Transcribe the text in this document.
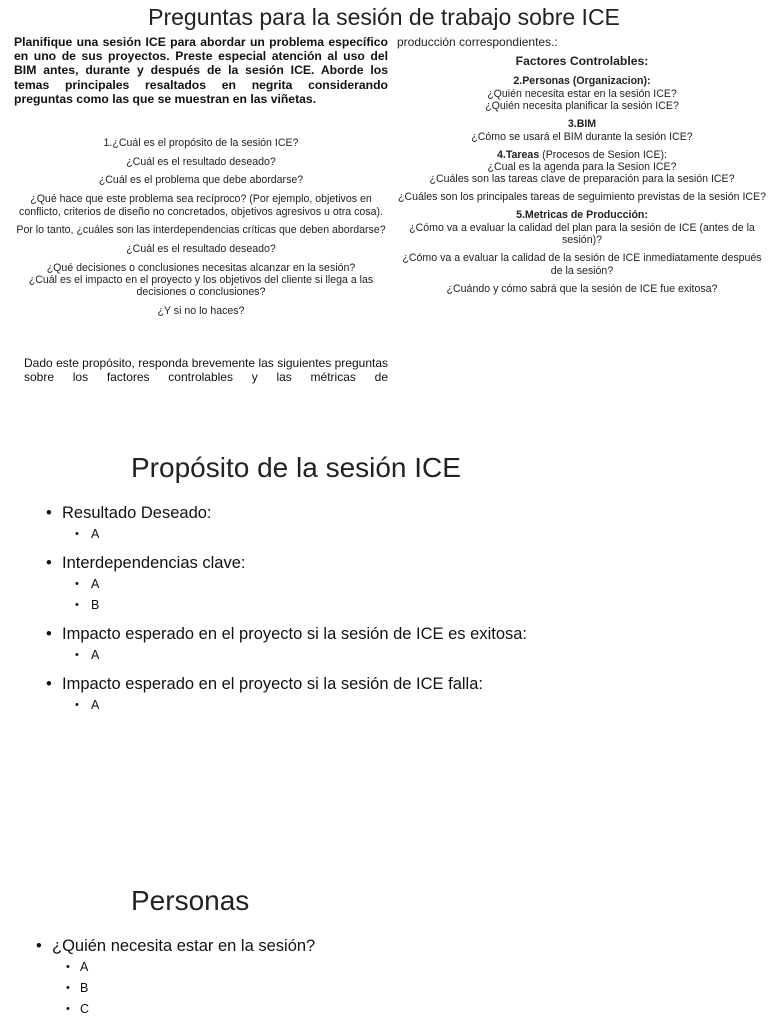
Preguntas para la sesión de trabajo sobre ICE
Planifique una sesión ICE para abordar un problema específico en uno de sus proyectos. Preste especial atención al uso del BIM antes, durante y después de la sesión ICE. Aborde los temas principales resaltados en negrita considerando preguntas como las que se muestran en las viñetas.

1.¿Cuál es el propósito de la sesión ICE?

¿Cuál es el resultado deseado?

¿Cuál es el problema que debe abordarse?

¿Qué hace que este problema sea recíproco? (Por ejemplo, objetivos en conflicto, criterios de diseño no concretados, objetivos agresivos u otra cosa).

Por lo tanto, ¿cuáles son las interdependencias críticas que deben abordarse?

¿Cuál es el resultado deseado?

¿Qué decisiones o conclusiones necesitas alcanzar en la sesión?

¿Cuál es el impacto en el proyecto y los objetivos del cliente si llega a las decisiones o conclusiones?

¿Y si no lo haces?

Dado este propósito, responda brevemente las siguientes preguntas sobre los factores controlables y las métricas de
producción correspondientes.:
Factores Controlables:
2.Personas (Organizacion):
¿Quién necesita estar en la sesión ICE?
¿Quién necesita planificar la sesión ICE?
3.BIM
¿Cómo se usará el BIM durante la sesión ICE?
4.Tareas (Procesos de Sesion ICE):
¿Cual es la agenda para la Sesion ICE?
¿Cuáles son las tareas clave de preparación para la sesión ICE?
¿Cuáles son los principales tareas de seguimiento previstas de la sesión ICE?
5.Metricas de Producción:
¿Cómo va a evaluar la calidad del plan para la sesión de ICE (antes de la sesión)?
¿Cómo va a evaluar la calidad de la sesión de ICE inmediatamente después de la sesión?
¿Cuándo y cómo sabrá que la sesión de ICE fue exitosa?
Propósito de la sesión ICE
• Resultado Deseado:
• A
• Interdependencias clave:
• A
• B
• Impacto esperado en el proyecto si la sesión de ICE es exitosa:
• A
• Impacto esperado en el proyecto si la sesión de ICE falla:
• A
Personas
• ¿Quién necesita estar en la sesión?
• A
• B
• C
